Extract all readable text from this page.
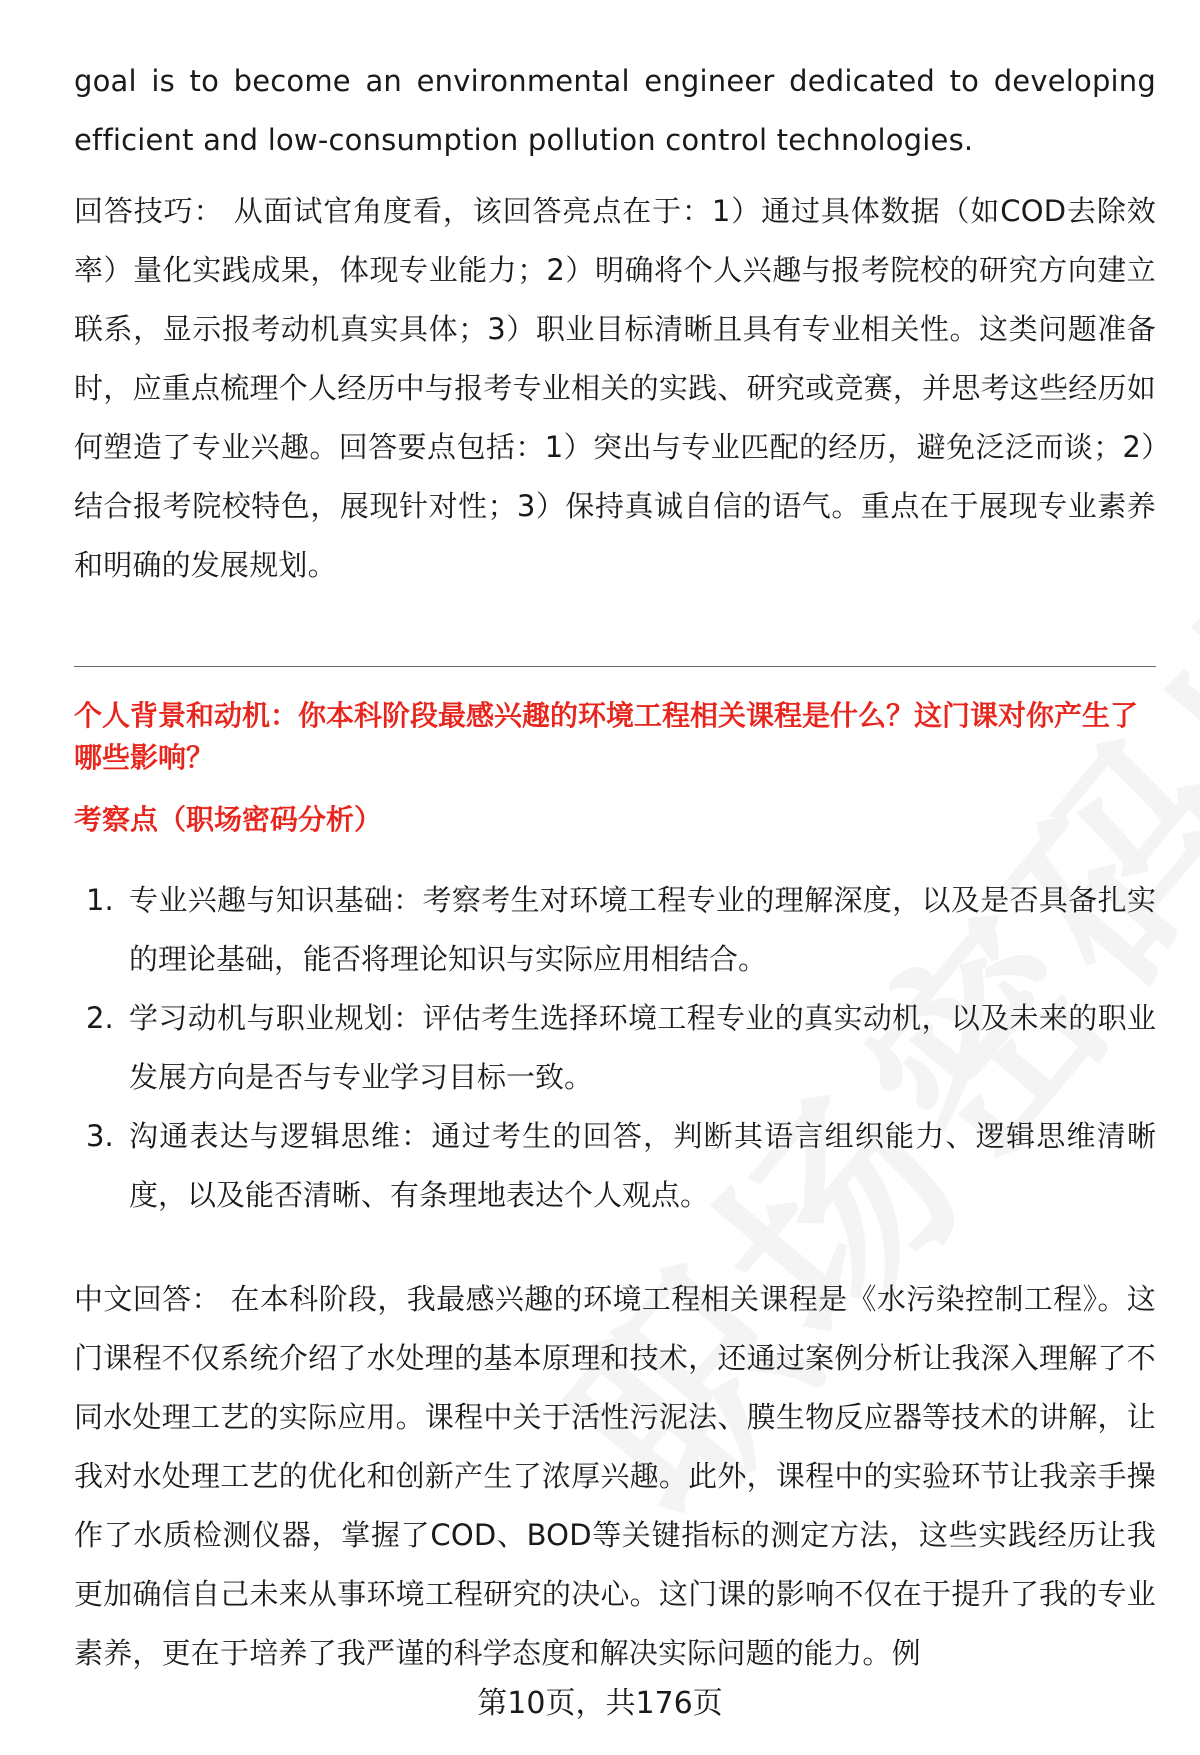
goal is to become an environmental engineer dedicated to developing efficient and low-consumption pollution control technologies.

回答技巧： 从面试官角度看，该回答亮点在于：1）通过具体数据（如COD去除效率）量化实践成果，体现专业能力；2）明确将个人兴趣与报考院校的研究方向建立联系，显示报考动机真实具体；3）职业目标清晰且具有专业相关性。这类问题准备时，应重点梳理个人经历中与报考专业相关的实践、研究或竞赛，并思考这些经历如何塑造了专业兴趣。回答要点包括：1）突出与专业匹配的经历，避免泛泛而谈；2）结合报考院校特色，展现针对性；3）保持真诚自信的语气。重点在于展现专业素养和明确的发展规划。

个人背景和动机：你本科阶段最感兴趣的环境工程相关课程是什么？这门课对你产生了哪些影响？

考察点（职场密码分析）

1. 专业兴趣与知识基础：考察考生对环境工程专业的理解深度，以及是否具备扎实的理论基础，能否将理论知识与实际应用相结合。
2. 学习动机与职业规划：评估考生选择环境工程专业的真实动机，以及未来的职业发展方向是否与专业学习目标一致。
3. 沟通表达与逻辑思维：通过考生的回答，判断其语言组织能力、逻辑思维清晰度，以及能否清晰、有条理地表达个人观点。

中文回答： 在本科阶段，我最感兴趣的环境工程相关课程是《水污染控制工程》。这门课程不仅系统介绍了水处理的基本原理和技术，还通过案例分析让我深入理解了不同水处理工艺的实际应用。课程中关于活性污泥法、膜生物反应器等技术的讲解，让我对水处理工艺的优化和创新产生了浓厚兴趣。此外，课程中的实验环节让我亲手操作了水质检测仪器，掌握了COD、BOD等关键指标的测定方法，这些实践经历让我更加确信自己未来从事环境工程研究的决心。这门课的影响不仅在于提升了我的专业素养，更在于培养了我严谨的科学态度和解决实际问题的能力。例

第10页，共176页
